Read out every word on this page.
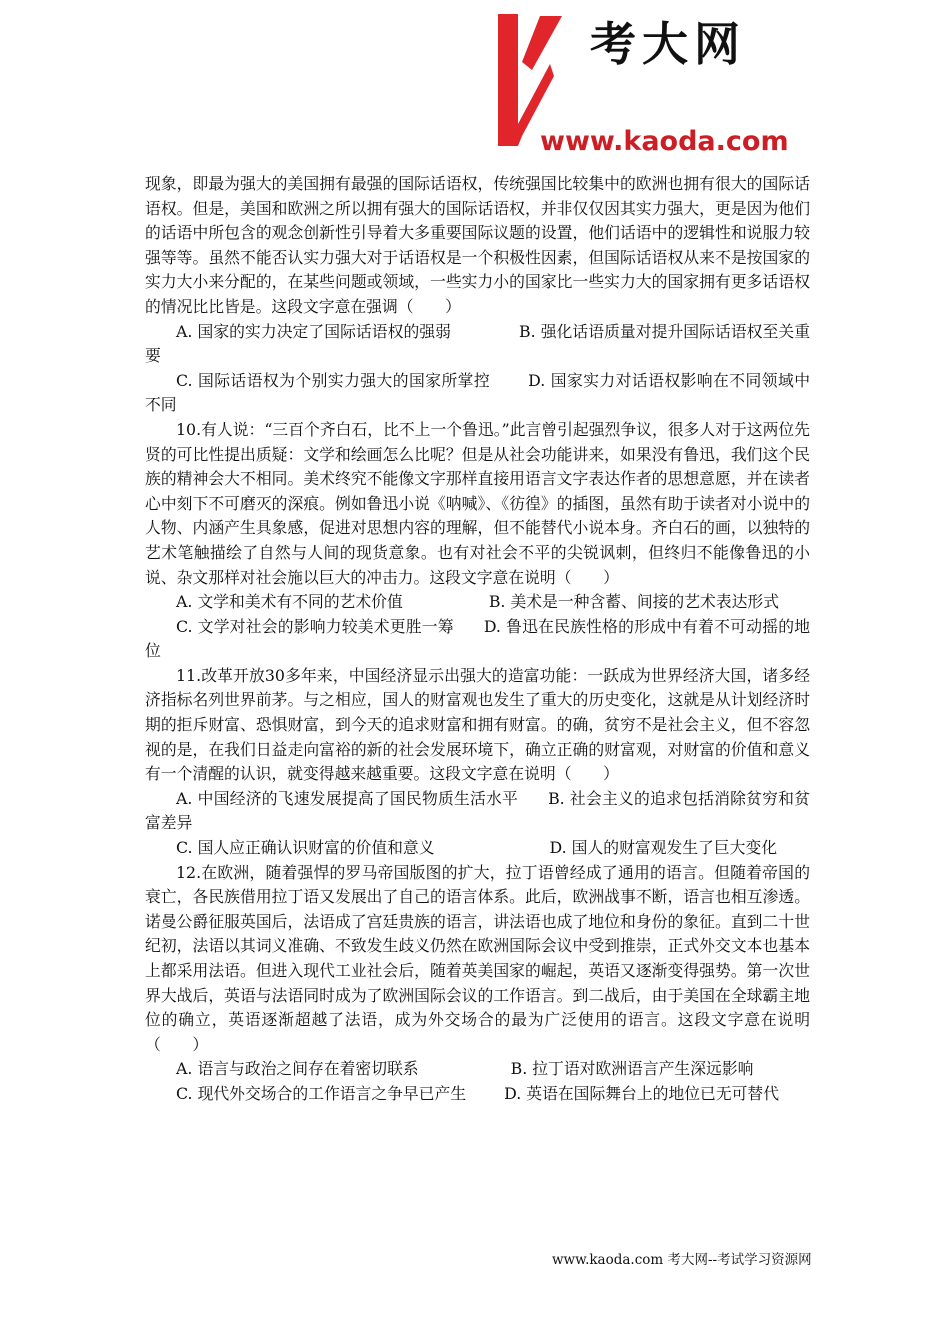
考大网
www.kaoda.com

现象，即最为强大的美国拥有最强的国际话语权，传统强国比较集中的欧洲也拥有很大的国际话语权。但是，美国和欧洲之所以拥有强大的国际话语权，并非仅仅因其实力强大，更是因为他们的话语中所包含的观念创新性引导着大多重要国际议题的设置，他们话语中的逻辑性和说服力较强等等。虽然不能否认实力强大对于话语权是一个积极性因素，但国际话语权从来不是按国家的实力大小来分配的，在某些问题或领域，一些实力小的国家比一些实力大的国家拥有更多话语权的情况比比皆是。这段文字意在强调（　　）

A. 国家的实力决定了国际话语权的强弱	B. 强化话语质量对提升国际话语权至关重要

C. 国际话语权为个别实力强大的国家所掌控 D. 国家实力对话语权影响在不同领域中不同

10.有人说：“三百个齐白石，比不上一个鲁迅。”此言曾引起强烈争议，很多人对于这两位先贤的可比性提出质疑：文学和绘画怎么比呢？但是从社会功能讲来，如果没有鲁迅，我们这个民族的精神会大不相同。美术终究不能像文字那样直接用语言文字表达作者的思想意愿，并在读者心中刻下不可磨灭的深痕。例如鲁迅小说《呐喊》、《彷徨》的插图，虽然有助于读者对小说中的人物、内涵产生具象感，促进对思想内容的理解，但不能替代小说本身。齐白石的画，以独特的艺术笔触描绘了自然与人间的现货意象。也有对社会不平的尖锐讽刺，但终归不能像鲁迅的小说、杂文那样对社会施以巨大的冲击力。这段文字意在说明（　　）

A. 文学和美术有不同的艺术价值	B. 美术是一种含蓄、间接的艺术表达形式

C. 文学对社会的影响力较美术更胜一筹 D. 鲁迅在民族性格的形成中有着不可动摇的地位

11.改革开放30多年来，中国经济显示出强大的造富功能：一跃成为世界经济大国，诸多经济指标名列世界前茅。与之相应，国人的财富观也发生了重大的历史变化，这就是从计划经济时期的拒斥财富、恐惧财富，到今天的追求财富和拥有财富。的确，贫穷不是社会主义，但不容忽视的是，在我们日益走向富裕的新的社会发展环境下，确立正确的财富观，对财富的价值和意义有一个清醒的认识，就变得越来越重要。这段文字意在说明（　　）

A. 中国经济的飞速发展提高了国民物质生活水平 B. 社会主义的追求包括消除贫穷和贫富差异

C. 国人应正确认识财富的价值和意义	D. 国人的财富观发生了巨大变化

12.在欧洲，随着强悍的罗马帝国版图的扩大，拉丁语曾经成了通用的语言。但随着帝国的衰亡，各民族借用拉丁语又发展出了自己的语言体系。此后，欧洲战事不断，语言也相互渗透。诺曼公爵征服英国后，法语成了宫廷贵族的语言，讲法语也成了地位和身份的象征。直到二十世纪初，法语以其词义准确、不致发生歧义仍然在欧洲国际会议中受到推崇，正式外交文本也基本上都采用法语。但进入现代工业社会后，随着英美国家的崛起，英语又逐渐变得强势。第一次世界大战后，英语与法语同时成为了欧洲国际会议的工作语言。到二战后，由于美国在全球霸主地位的确立，英语逐渐超越了法语，成为外交场合的最为广泛使用的语言。这段文字意在说明（　　）

A. 语言与政治之间存在着密切联系	B. 拉丁语对欧洲语言产生深远影响

C. 现代外交场合的工作语言之争早已产生 D. 英语在国际舞台上的地位已无可替代

www.kaoda.com 考大网--考试学习资源网
